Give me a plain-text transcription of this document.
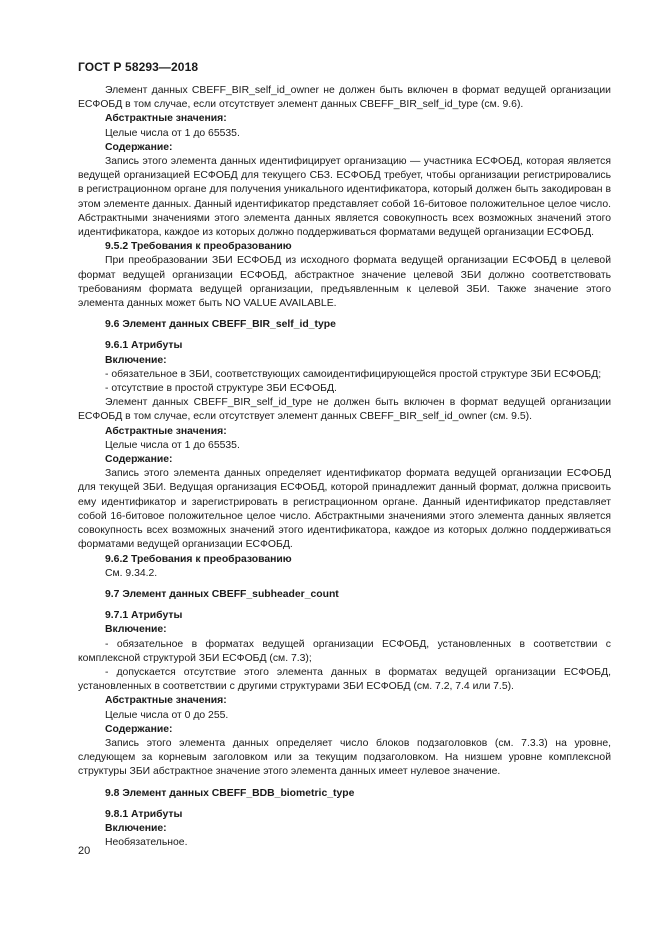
ГОСТ Р 58293—2018

Элемент данных CBEFF_BIR_self_id_owner не должен быть включен в формат ведущей организации ЕСФОБД в том случае, если отсутствует элемент данных CBEFF_BIR_self_id_type (см. 9.6).

Абстрактные значения:

Целые числа от 1 до 65535.

Содержание:

Запись этого элемента данных идентифицирует организацию — участника ЕСФОБД, которая является ведущей организацией ЕСФОБД для текущего СБЗ. ЕСФОБД требует, чтобы организации регистрировались в регистрационном органе для получения уникального идентификатора, который должен быть закодирован в этом элементе данных. Данный идентификатор представляет собой 16-битовое положительное целое число. Абстрактными значениями этого элемента данных является совокупность всех возможных значений этого идентификатора, каждое из которых должно поддерживаться форматами ведущей организации ЕСФОБД.

9.5.2 Требования к преобразованию

При преобразовании ЗБИ ЕСФОБД из исходного формата ведущей организации ЕСФОБД в целевой формат ведущей организации ЕСФОБД, абстрактное значение целевой ЗБИ должно соответствовать требованиям формата ведущей организации, предъявленным к целевой ЗБИ. Также значение этого элемента данных может быть NO VALUE AVAILABLE.

9.6 Элемент данных CBEFF_BIR_self_id_type

9.6.1 Атрибуты

Включение:

- обязательное в ЗБИ, соответствующих самоидентифицирующейся простой структуре ЗБИ ЕСФОБД;

- отсутствие в простой структуре ЗБИ ЕСФОБД.

Элемент данных CBEFF_BIR_self_id_type не должен быть включен в формат ведущей организации ЕСФОБД в том случае, если отсутствует элемент данных CBEFF_BIR_self_id_owner (см. 9.5).

Абстрактные значения:

Целые числа от 1 до 65535.

Содержание:

Запись этого элемента данных определяет идентификатор формата ведущей организации ЕСФОБД для текущей ЗБИ. Ведущая организация ЕСФОБД, которой принадлежит данный формат, должна присвоить ему идентификатор и зарегистрировать в регистрационном органе. Данный идентификатор представляет собой 16-битовое положительное целое число. Абстрактными значениями этого элемента данных является совокупность всех возможных значений этого идентификатора, каждое из которых должно поддерживаться форматами ведущей организации ЕСФОБД.

9.6.2 Требования к преобразованию

См. 9.34.2.

9.7 Элемент данных CBEFF_subheader_count

9.7.1 Атрибуты

Включение:

- обязательное в форматах ведущей организации ЕСФОБД, установленных в соответствии с комплексной структурой ЗБИ ЕСФОБД (см. 7.3);

- допускается отсутствие этого элемента данных в форматах ведущей организации ЕСФОБД, установленных в соответствии с другими структурами ЗБИ ЕСФОБД (см. 7.2, 7.4 или 7.5).

Абстрактные значения:

Целые числа от 0 до 255.

Содержание:

Запись этого элемента данных определяет число блоков подзаголовков (см. 7.3.3) на уровне, следующем за корневым заголовком или за текущим подзаголовком. На низшем уровне комплексной структуры ЗБИ абстрактное значение этого элемента данных имеет нулевое значение.

9.8 Элемент данных CBEFF_BDB_biometric_type

9.8.1 Атрибуты

Включение:

Необязательное.

20
